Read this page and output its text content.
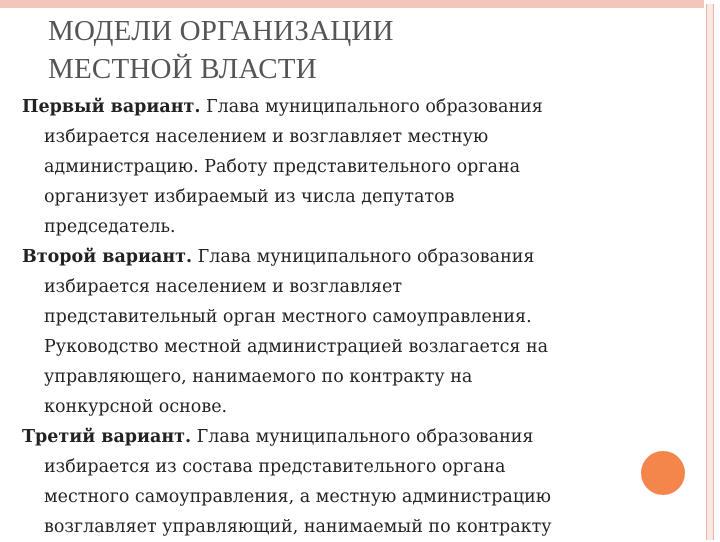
МОДЕЛИ ОРГАНИЗАЦИИ
МЕСТНОЙ ВЛАСТИ
Первый вариант. Глава муниципального образования
избирается населением и возглавляет местную
администрацию. Работу представительного органа
организует избираемый из числа депутатов
председатель.
Второй вариант. Глава муниципального образования
избирается населением и возглавляет
представительный орган местного самоуправления.
Руководство местной администрацией возлагается на
управляющего, нанимаемого по контракту на
конкурсной основе.
Третий вариант. Глава муниципального образования
избирается из состава представительного органа
местного самоуправления, а местную администрацию
возглавляет управляющий, нанимаемый по контракту
